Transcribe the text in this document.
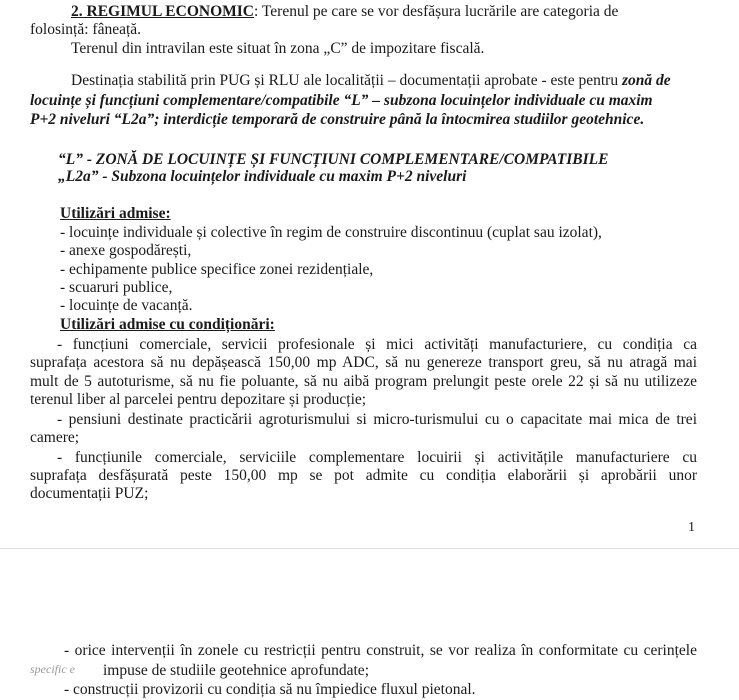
2. REGIMUL ECONOMIC: Terenul pe care se vor desfășura lucrările are categoria de
folosință: fâneață.
Terenul din intravilan este situat în zona „C” de impozitare fiscală.
Destinația stabilită prin PUG și RLU ale localității – documentații aprobate - este pentru zonă de
locuințe și funcțiuni complementare/compatibile “L” – subzona locuințelor individuale cu maxim
P+2 niveluri “L2a”; interdicție temporară de construire până la întocmirea studiilor geotehnice.
“L” - ZONĂ DE LOCUINȚE ȘI FUNCȚIUNI COMPLEMENTARE/COMPATIBILE
„L2a” - Subzona locuințelor individuale cu maxim P+2 niveluri
Utilizări admise:
- locuințe individuale și colective în regim de construire discontinuu (cuplat sau izolat),
- anexe gospodărești,
- echipamente publice specifice zonei rezidențiale,
- scuaruri publice,
- locuințe de vacanță.
Utilizări admise cu condiționări:
- funcțiuni comerciale, servicii profesionale și mici activități manufacturiere, cu condiția ca
suprafața acestora să nu depășească 150,00 mp ADC, să nu genereze transport greu, să nu atragă mai
mult de 5 autoturisme, să nu fie poluante, să nu aibă program prelungit peste orele 22 și să nu utilizeze
terenul liber al parcelei pentru depozitare și producție;
- pensiuni destinate practicării agroturismului si micro-turismului cu o capacitate mai mica de trei
camere;
- funcțiunile comerciale, serviciile complementare locuirii și activitățile manufacturiere cu
suprafața desfășurată peste 150,00 mp se pot admite cu condiția elaborării și aprobării unor
documentații PUZ;
1
- orice intervenții în zonele cu restricții pentru construit, se vor realiza în conformitate cu cerințele
impuse de studiile geotehnice aprofundate;
specific e
- construcții provizorii cu condiția să nu împiedice fluxul pietonal.
